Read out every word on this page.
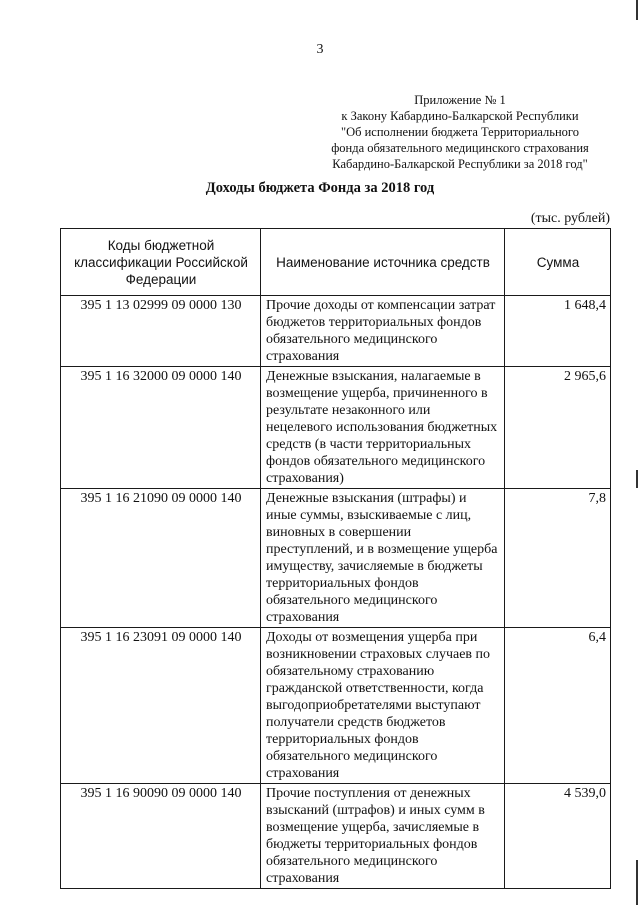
3
Приложение № 1
к Закону Кабардино-Балкарской Республики
"Об исполнении бюджета Территориального
фонда обязательного медицинского страхования
Кабардино-Балкарской Республики за 2018 год"
Доходы бюджета Фонда за 2018 год
(тыс. рублей)
Коды бюджетной классификации Российской Федерации	Наименование источника средств	Сумма
395 1 13 02999 09 0000 130	Прочие доходы от компенсации затрат бюджетов территориальных фондов обязательного медицинского страхования	1 648,4
395 1 16 32000 09 0000 140	Денежные взыскания, налагаемые в возмещение ущерба, причиненного в результате незаконного или нецелевого использования бюджетных средств (в части территориальных фондов обязательного медицинского страхования)	2 965,6
395 1 16 21090 09 0000 140	Денежные взыскания (штрафы) и иные суммы, взыскиваемые с лиц, виновных в совершении преступлений, и в возмещение ущерба имуществу, зачисляемые в бюджеты территориальных фондов обязательного медицинского страхования	7,8
395 1 16 23091 09 0000 140	Доходы от возмещения ущерба при возникновении страховых случаев по обязательному страхованию гражданской ответственности, когда выгодоприобретателями выступают получатели средств бюджетов территориальных фондов обязательного медицинского страхования	6,4
395 1 16 90090 09 0000 140	Прочие поступления от денежных взысканий (штрафов) и иных сумм в возмещение ущерба, зачисляемые в бюджеты территориальных фондов обязательного медицинского страхования	4 539,0
